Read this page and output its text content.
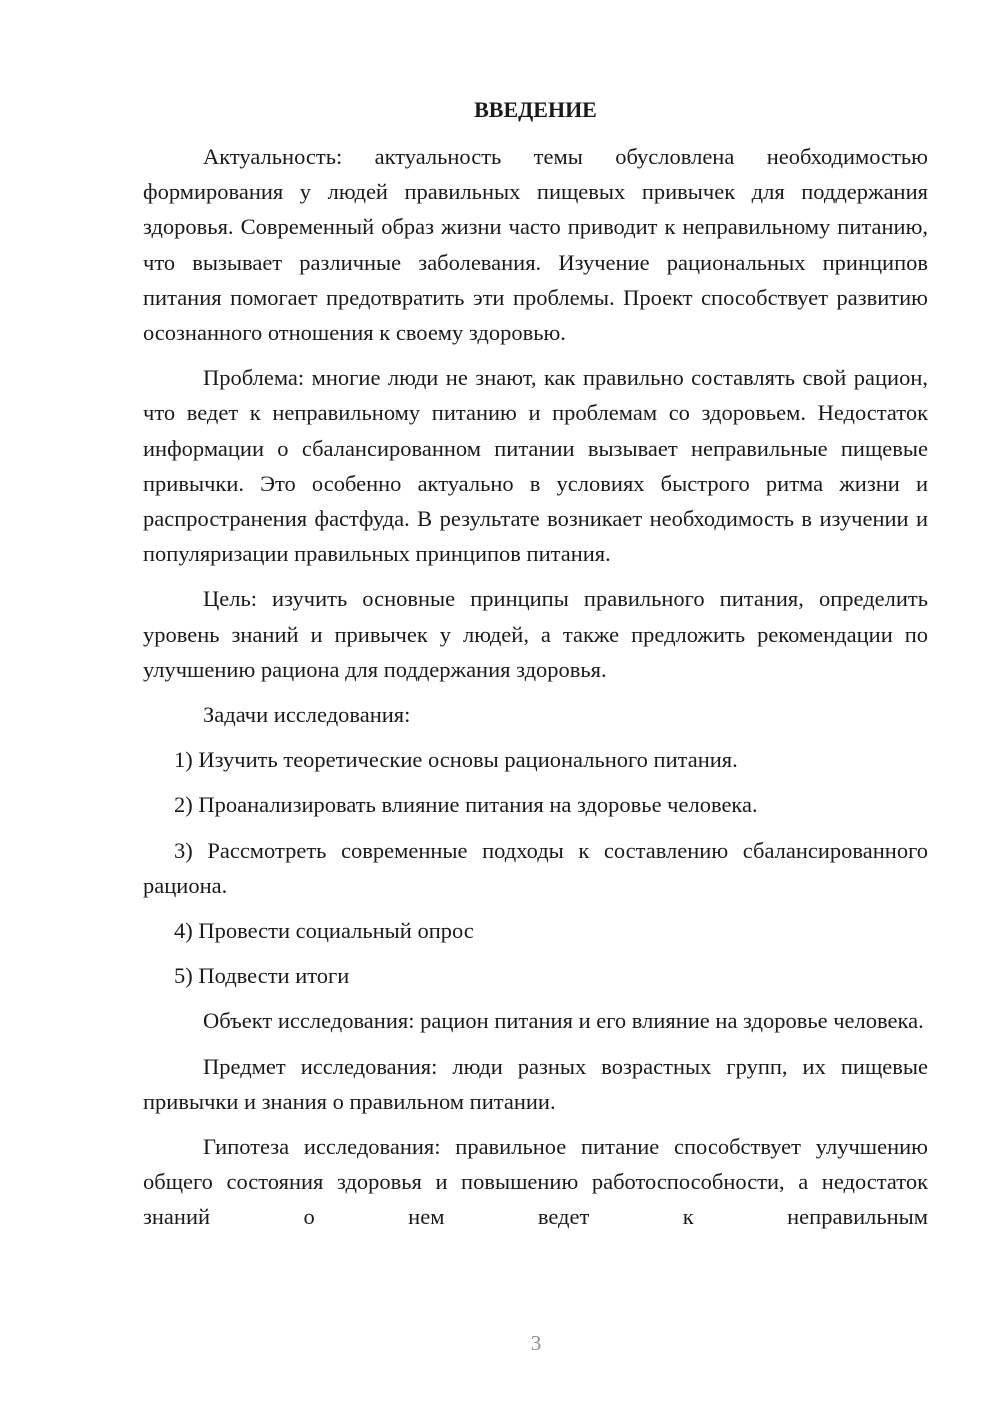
ВВЕДЕНИЕ

Актуальность: актуальность темы обусловлена необходимостью формирования у людей правильных пищевых привычек для поддержания здоровья. Современный образ жизни часто приводит к неправильному питанию, что вызывает различные заболевания. Изучение рациональных принципов питания помогает предотвратить эти проблемы. Проект способствует развитию осознанного отношения к своему здоровью.

Проблема: многие люди не знают, как правильно составлять свой рацион, что ведет к неправильному питанию и проблемам со здоровьем. Недостаток информации о сбалансированном питании вызывает неправильные пищевые привычки. Это особенно актуально в условиях быстрого ритма жизни и распространения фастфуда. В результате возникает необходимость в изучении и популяризации правильных принципов питания.

Цель: изучить основные принципы правильного питания, определить уровень знаний и привычек у людей, а также предложить рекомендации по улучшению рациона для поддержания здоровья.

Задачи исследования:

1) Изучить теоретические основы рационального питания.

2) Проанализировать влияние питания на здоровье человека.

3) Рассмотреть современные подходы к составлению сбалансированного рациона.

4) Провести социальный опрос

5) Подвести итоги

Объект исследования: рацион питания и его влияние на здоровье человека.

Предмет исследования: люди разных возрастных групп, их пищевые привычки и знания о правильном питании.

Гипотеза исследования: правильное питание способствует улучшению общего состояния здоровья и повышению работоспособности, а недостаток знаний о нем ведет к неправильным

3
